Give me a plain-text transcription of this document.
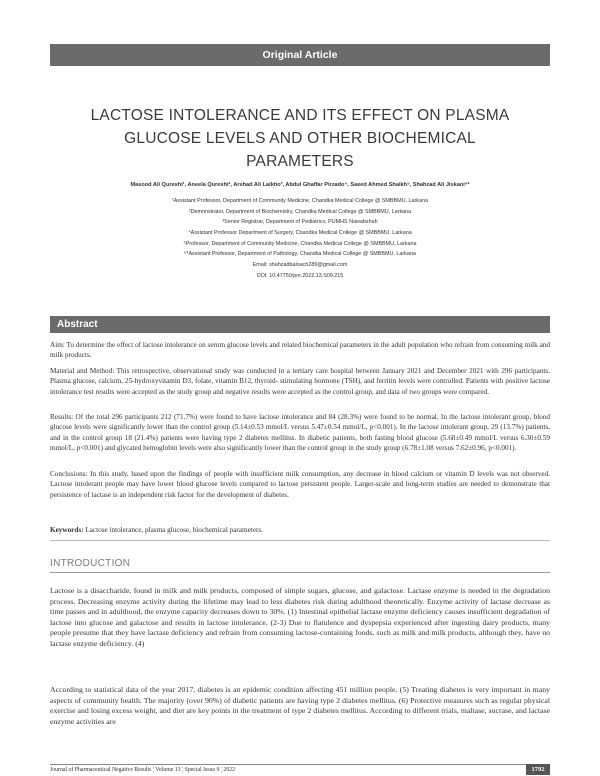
Original Article
LACTOSE INTOLERANCE AND ITS EFFECT ON PLASMA
GLUCOSE LEVELS AND OTHER BIOCHEMICAL
PARAMETERS
Masood Ali Qureshi¹, Aneela Qureshi², Arshad Ali Laikho³, Abdul Ghaffar Pirzado⁴, Saeed Ahmed Shaikh⁵, Shahzad Ali Jiskani⁶*
¹Assistant Professor, Department of Community Medicine, Chandka Medical College @ SMBBMU, Larkana
²Demonstrator, Department of Biochemistry, Chandka Medical College @ SMBBMU, Larkana
³Senior Registrar, Department of Pediatrics, PUMHS Nawabshah
⁴Assistant Professor Department of Surgery, Chandka Medical College @ SMBBMU, Larkana
⁵Professor, Department of Community Medicine, Chandka Medical College @ SMBBMU, Larkana
⁶*Assistant Professor, Department of Pathology, Chandka Medical College @ SMBBMU, Larkana
Email: shahzadbaloach289@gmail.com
DOI: 10.47750/pnr.2022.13.S09.215
Abstract

Aim: To determine the effect of lactose intolerance on serum glucose levels and related biochemical parameters in the adult population who refrain from consuming milk and milk products.

Material and Method: This retrospective, observational study was conducted in a tertiary care hospital between January 2021 and December 2021 with 296 participants. Plasma glucose, calcium, 25-hydroxyvitamin D3, folate, vitamin B12, thyroid- stimulating hormone (TSH), and ferritin levels were controlled. Patients with positive lactose intolerance test results were accepted as the study group and negative results were accepted as the control group, and data of two groups were compared.

Results: Of the total 296 participants 212 (71.7%) were found to have lactose intolerance and 84 (28.3%) were found to be normal. In the lactose intolerant group, blood glucose levels were significantly lower than the control group (5.14±0.53 mmol/L versus 5.47±0.54 mmol/L, p<0.001). In the lactose intolerant group, 29 (13.7%) patients, and in the control group 18 (21.4%) patients were having type 2 diabetes mellitus. In diabetic patients, both fasting blood glucose (5.68±0.49 mmol/L versus 6.30±0.59 mmol/L, p<0.001) and glycated hemoglobin levels were also significantly lower than the control group in the study group (6.78±1.08 versus 7.62±0.96, p<0.001).

Conclusions: In this study, based upon the findings of people with insufficient milk consumption, any decrease in blood calcium or vitamin D levels was not observed. Lactose intolerant people may have lower blood glucose levels compared to lactose persistent people. Larger-scale and long-term studies are needed to demonstrate that persistence of lactase is an independent risk factor for the development of diabetes.

Keywords: Lactose intolerance, plasma glucose, biochemical parameters.
INTRODUCTION

Lactose is a disaccharide, found in milk and milk products, composed of simple sugars, glucose, and galactose. Lactase enzyme is needed in the degradation process. Decreasing enzyme activity during the lifetime may lead to less diabetes risk during adulthood theoretically. Enzyme activity of lactase decrease as time passes and in adulthood, the enzyme capacity decreases down to 30%. (1) Intestinal epithelial lactase enzyme deficiency causes insufficient degradation of lactose into glucose and galactose and results in lactose intolerance. (2-3) Due to flatulence and dyspepsia experienced after ingesting dairy products, many people presume that they have lactase deficiency and refrain from consuming lactose-containing foods, such as milk and milk products, although they, have no lactase enzyme deficiency. (4)

According to statistical data of the year 2017, diabetes is an epidemic condition affecting 451 million people. (5) Treating diabetes is very important in many aspects of community health. The majority (over 90%) of diabetic patients are having type 2 diabetes mellitus. (6) Protective measures such as regular physical exercise and losing excess weight, and diet are key points in the treatment of type 2 diabetes mellitus. According to different trials, maltase, sucrase, and lactase enzyme activities are

Journal of Pharmaceutical Negative Results ¦ Volume 13 ¦ Special Issue 9 ¦ 2022	1792
